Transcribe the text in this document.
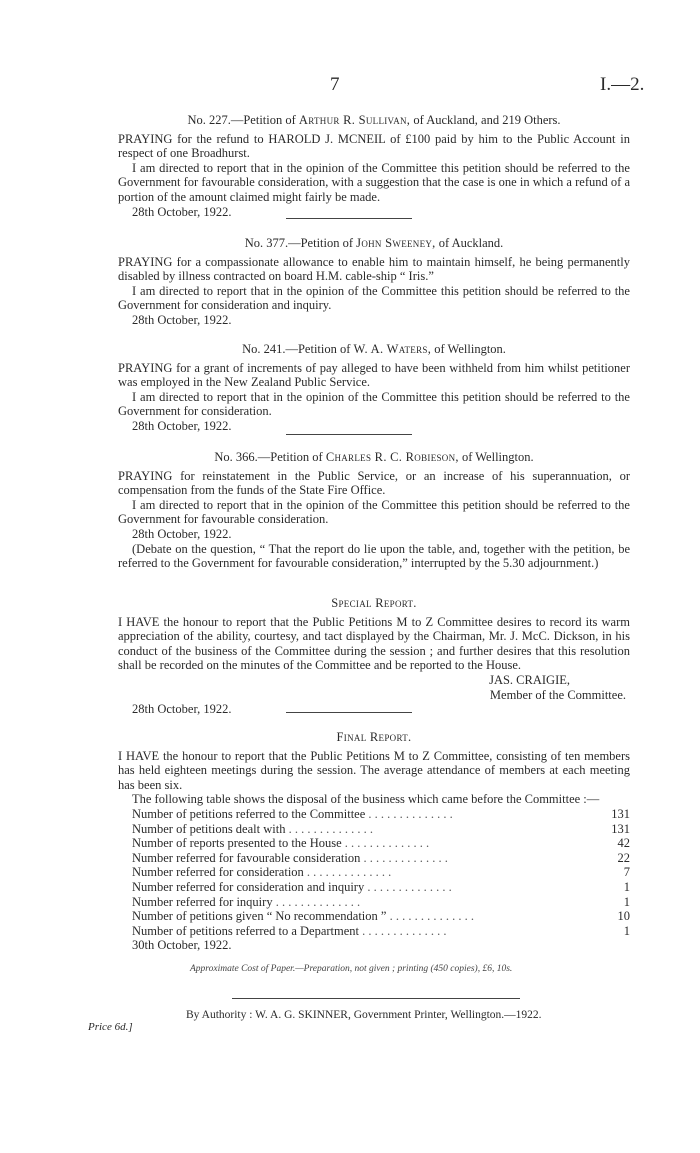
7	I.—2.
No. 227.—Petition of Arthur R. Sullivan, of Auckland, and 219 Others.

PRAYING for the refund to HAROLD J. MCNEIL of £100 paid by him to the Public Account in respect of one Broadhurst.

I am directed to report that in the opinion of the Committee this petition should be referred to the Government for favourable consideration, with a suggestion that the case is one in which a refund of a portion of the amount claimed might fairly be made.

28th October, 1922.

No. 377.—Petition of John Sweeney, of Auckland.

PRAYING for a compassionate allowance to enable him to maintain himself, he being permanently disabled by illness contracted on board H.M. cable-ship “ Iris.”

I am directed to report that in the opinion of the Committee this petition should be referred to the Government for consideration and inquiry.

28th October, 1922.

No. 241.—Petition of W. A. Waters, of Wellington.

PRAYING for a grant of increments of pay alleged to have been withheld from him whilst petitioner was employed in the New Zealand Public Service.

I am directed to report that in the opinion of the Committee this petition should be referred to the Government for consideration.

28th October, 1922.

No. 366.—Petition of Charles R. C. Robieson, of Wellington.

PRAYING for reinstatement in the Public Service, or an increase of his superannuation, or compensation from the funds of the State Fire Office.

I am directed to report that in the opinion of the Committee this petition should be referred to the Government for favourable consideration.

28th October, 1922.

(Debate on the question, “ That the report do lie upon the table, and, together with the petition, be referred to the Government for favourable consideration,” interrupted by the 5.30 adjournment.)

Special Report.

I HAVE the honour to report that the Public Petitions M to Z Committee desires to record its warm appreciation of the ability, courtesy, and tact displayed by the Chairman, Mr. J. McC. Dickson, in his conduct of the business of the Committee during the session ; and further desires that this resolution shall be recorded on the minutes of the Committee and be reported to the House.

JAS. CRAIGIE,
Member of the Committee.

28th October, 1922.

Final Report.

I HAVE the honour to report that the Public Petitions M to Z Committee, consisting of ten members has held eighteen meetings during the session. The average attendance of members at each meeting has been six.

The following table shows the disposal of the business which came before the Committee :—

Number of petitions referred to the Committee . .	131
Number of petitions dealt with . .	131
Number of reports presented to the House . .	42
Number referred for favourable consideration . .	22
Number referred for consideration . .	7
Number referred for consideration and inquiry . .	1
Number referred for inquiry . .	1
Number of petitions given “ No recommendation ” . .	10
Number of petitions referred to a Department . .	1

30th October, 1922.

Approximate Cost of Paper.—Preparation, not given ; printing (450 copies), £6, 10s.
By Authority : W. A. G. SKINNER, Government Printer, Wellington.—1922.
Price 6d.]
